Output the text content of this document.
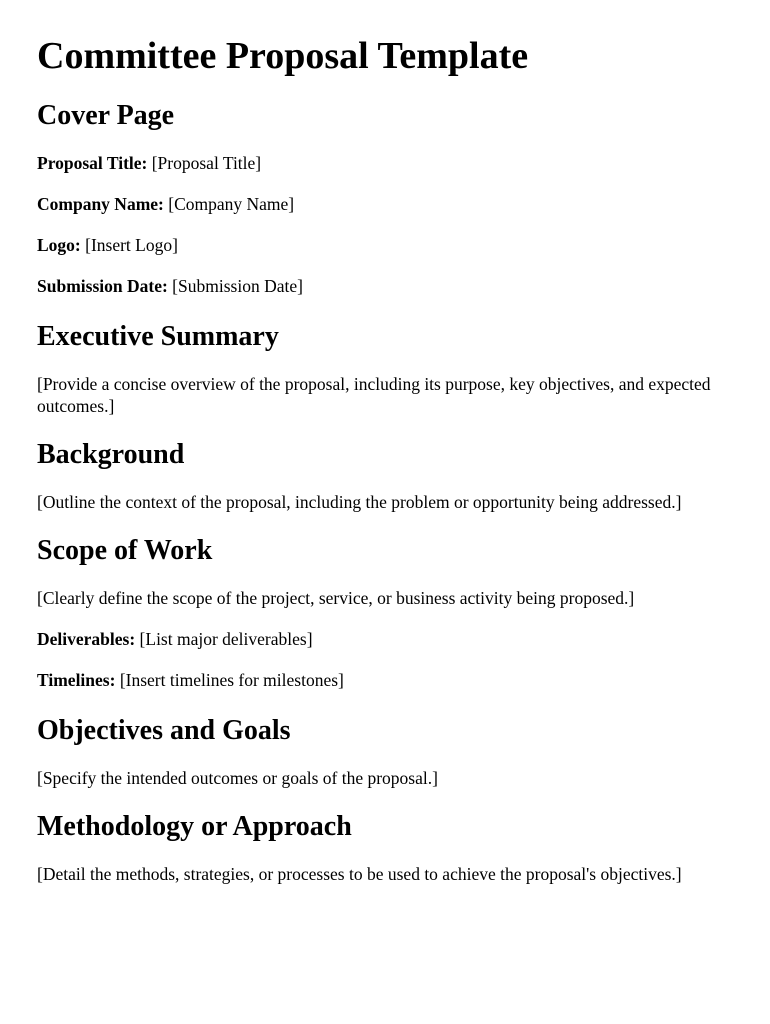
Committee Proposal Template
Cover Page

Proposal Title: [Proposal Title]

Company Name: [Company Name]

Logo: [Insert Logo]

Submission Date: [Submission Date]

Executive Summary

[Provide a concise overview of the proposal, including its purpose, key objectives, and expected outcomes.]

Background

[Outline the context of the proposal, including the problem or opportunity being addressed.]

Scope of Work

[Clearly define the scope of the project, service, or business activity being proposed.]

Deliverables: [List major deliverables]

Timelines: [Insert timelines for milestones]

Objectives and Goals

[Specify the intended outcomes or goals of the proposal.]

Methodology or Approach

[Detail the methods, strategies, or processes to be used to achieve the proposal's objectives.]
